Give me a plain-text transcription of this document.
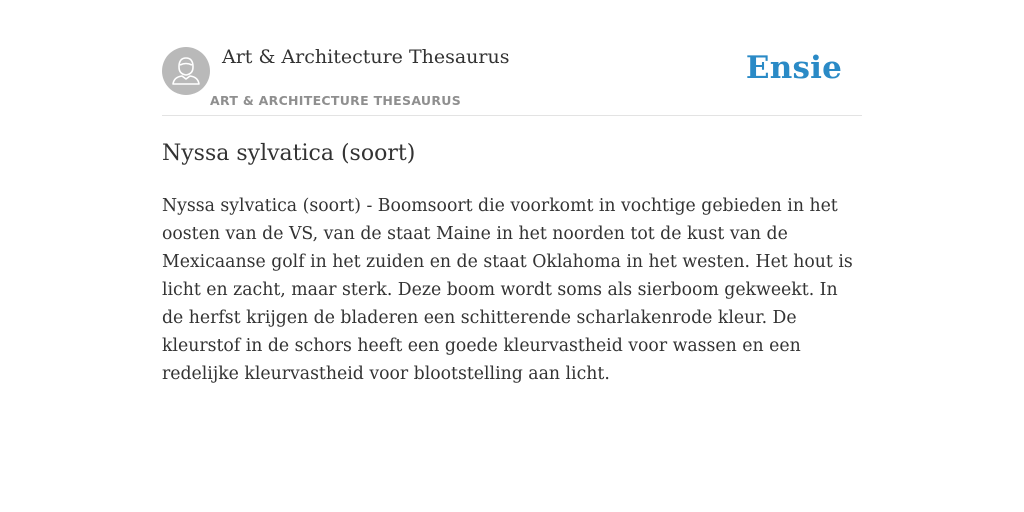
Art & Architecture Thesaurus
ART & ARCHITECTURE THESAURUS
Ensie
Nyssa sylvatica (soort)

Nyssa sylvatica (soort) - Boomsoort die voorkomt in vochtige gebieden in het oosten van de VS, van de staat Maine in het noorden tot de kust van de Mexicaanse golf in het zuiden en de staat Oklahoma in het westen. Het hout is licht en zacht, maar sterk. Deze boom wordt soms als sierboom gekweekt. In de herfst krijgen de bladeren een schitterende scharlakenrode kleur. De kleurstof in de schors heeft een goede kleurvastheid voor wassen en een redelijke kleurvastheid voor blootstelling aan licht.
